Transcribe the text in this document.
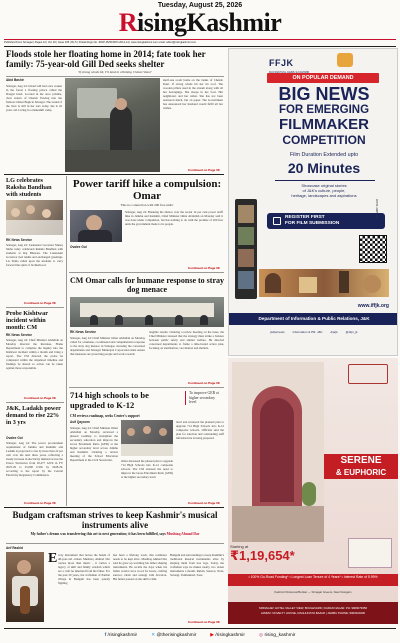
Tuesday, August 25, 2026
RisingKashmir
Published From Srinagar | Pages 12 | Vol. 20 | Issue 235 | Rs 5 | Postal Regn No: JKNP-05/SKSPO-2012-14 | www.risingkashmir.com email: editor@risingkashmir.com
Floods stole her floating home in 2014; fate took her family: 75-year-old Gill Ded seeks shelter
'If strong winds hit, I'll land in climbing Chinar! Kaur'
Abid Bashir
Srinagar, Aug 24: Gitani Gill had once woken in the forest a floating palace called the Dongat hotel. Located in the once pristine, clear waters of Chenab flowing into the famous Chinar Bagh in Srinagar. The sound of the river is still in her ears today, she is 42 years old. Living in a makeshift camp.
shelf-one room home on the banks of Chenab Kuul. If strong winds hit her tin roof. The wooden pillars used in the stream along with all her belongings. She sleeps in her boat. Her neighbours and her rather. She has not been answered much, but on paper. The Government has announced her husband would fulfil all her wishes.
Continued on Page 08
LG celebrates Raksha Bandhan with students
RK News Service
Srinagar, Aug 24: Lieutenant Governor Manoj Sinha today celebrated Raksha Bandhan with students at Raj Bhawan. The Lieutenant Governor tied rakhis and exchanged greetings. LG Sinha called upon the students to carry forward the spirit of brotherhood.
Continued on Page 08
Probe Kishtwar incident within month: CM
RK News Service
Srinagar, Aug 24: Chief Minister Abdullah on Monday directed the Revenue, Home Department to complete the inquiry into the Kishtwar incident within a month and bring a report. The CM directed the probe be completed within the stipulated timeline and findings be shared so action can be taken against those responsible.
Continued on Page 08
J&K, Ladakh power demand to rise 22% in 3 yrs
Ovalee Gul
Srinagar, Aug 24: The power procurement requirement of Jammu and Kashmir and Ladakh is projected to rise by more than 22 per cent over the next three years, reflecting a steady increase in electricity demand across the Union Territories from 20,477 GWh in FY 2025-26 to 25,000 GWh by 2028-29, according to the report by the Central Electricity Regulatory Commission.
Continued on Page 08
Power tariff hike a compulsion: Omar
'Has no connection with 200 free units'
Ovalee Gul
Srinagar, Aug 24: Breaking his silence over the recent 14 per cent power tariff hike in Jammu and Kashmir, Chief Minister Omar Abdullah on Monday said it was done under compulsion, but has nothing to do with the promise of 200 free units the government made to its people.
Continued on Page 08
CM Omar calls for humane response to stray dog menace
RK News Service
Srinagar, Aug 24: Chief Minister Omar Abdullah on Monday called for a humane, coordinated and comprehensive response to the stray dog menace in Srinagar, stressing the concerned departments and Srinagar Municipal Corporation must ensure that measures are protecting people and work towards
tangible results. Chairing a review meeting on the issue, the Chief Minister stressed that the strategy must strike a balance between public safety and animal welfare. He directed concerned departments to frame a time-bound action plan, focusing on sterilisation, vaccination and shelters.
Continued on Page 08
714 high schools to be upgraded to K-12
To improve GER at higher secondary level
CM reviews roadmap, seeks Centre's support
Asif Qayoom
Srinagar, Aug 24: Chief Minister Omar Abdullah on Monday reviewed a phased roadmap to strengthen the secondary education and improve the Gross Enrolment Ratio (GER) at the higher secondary level across Jammu and Kashmir. Chairing a review meeting of the School Education Department at the Civil Secretariat.	Omar discussed the phased plan to upgrade 714 High Schools into K-12 composite schools. The CM stressed the need to improve the Gross Enrolment Ratio (GER) at the higher secondary level.
level and reviewed the planned plan to upgrade 714 High Schools into K-12 composite schools. Officials said the plan for sanction and outstanding staff infrastructure is being prepared.
Continued on Page 08
Budgam craftsman strives to keep Kashmir's musical instruments alive
My father's dream was transferring this art to next generation; it has been fulfilled, says Mushtaq Ahmad Dar
Arif Rashid
E very instrument that leaves the hands of 48-year-old artisan Mushtaq Ahmad Dar carries more than music - it carries a legacy of skill and family wisdom which are a craft he inherited from his father. For the past 20 years, the craftsman of Parihat village in Budgam has been quietly fighting
has been a lifelong work, this resilience needs to be kept alive. Mushtaq Ahmad Dar said he grew up watching his father shaping instruments. He recalls the days when his father would carve wood for hours, crafting santoor, rabab and sarangi with devotion. His father passed on the skill to him.
Budgam and surroundings to keep Kashmir's traditional musical instruments alive by shaping them from tree logs. Today, the craftsman says he makes nearly two dozen instruments a month. Rubab, Santoor, Nout, Sarangi, Tumbaknari, Saaz.
Continued on Page 08
FFJK
ON POPULAR DEMAND
BIG NEWS
FOR EMERGING
FILMMAKER
COMPETITION
Film Duration Extended upto
20 Minutes
Showcase original stories
of J&K's culture, people,
heritage, landscapes and aspirations
REGISTER FIRST
FOR FILM SUBMISSION
DIPR-4905-26
www.iffjk.org
Department of Information & Public Relations, J&K
jkdiprnews	information & PR, J&K	diprjk	@dipr_jk
SERENE
& EUPHORIC
Starting at
₹1,19,654*
• 100% Go-Road Funding* • Longest Loan Tenure of 4 Years* • Interest Rate of 5.99%
Kashmir Divisional Bunkar — Srinagar Greens, Near Nowgam
SRINAGAR: HOTEL VALLEY VIEW, BOULEVARD | KARAN NAGAR. PH: 9906079356
JAMMU: NOVELTY HOUSE, RAGHUNATH BAZAR | JAMMU PHONE: 9906020200
f /risingkashmir	✕ @therisingkashmir	▶ /risingkashmir	◎ rising_kashmir
